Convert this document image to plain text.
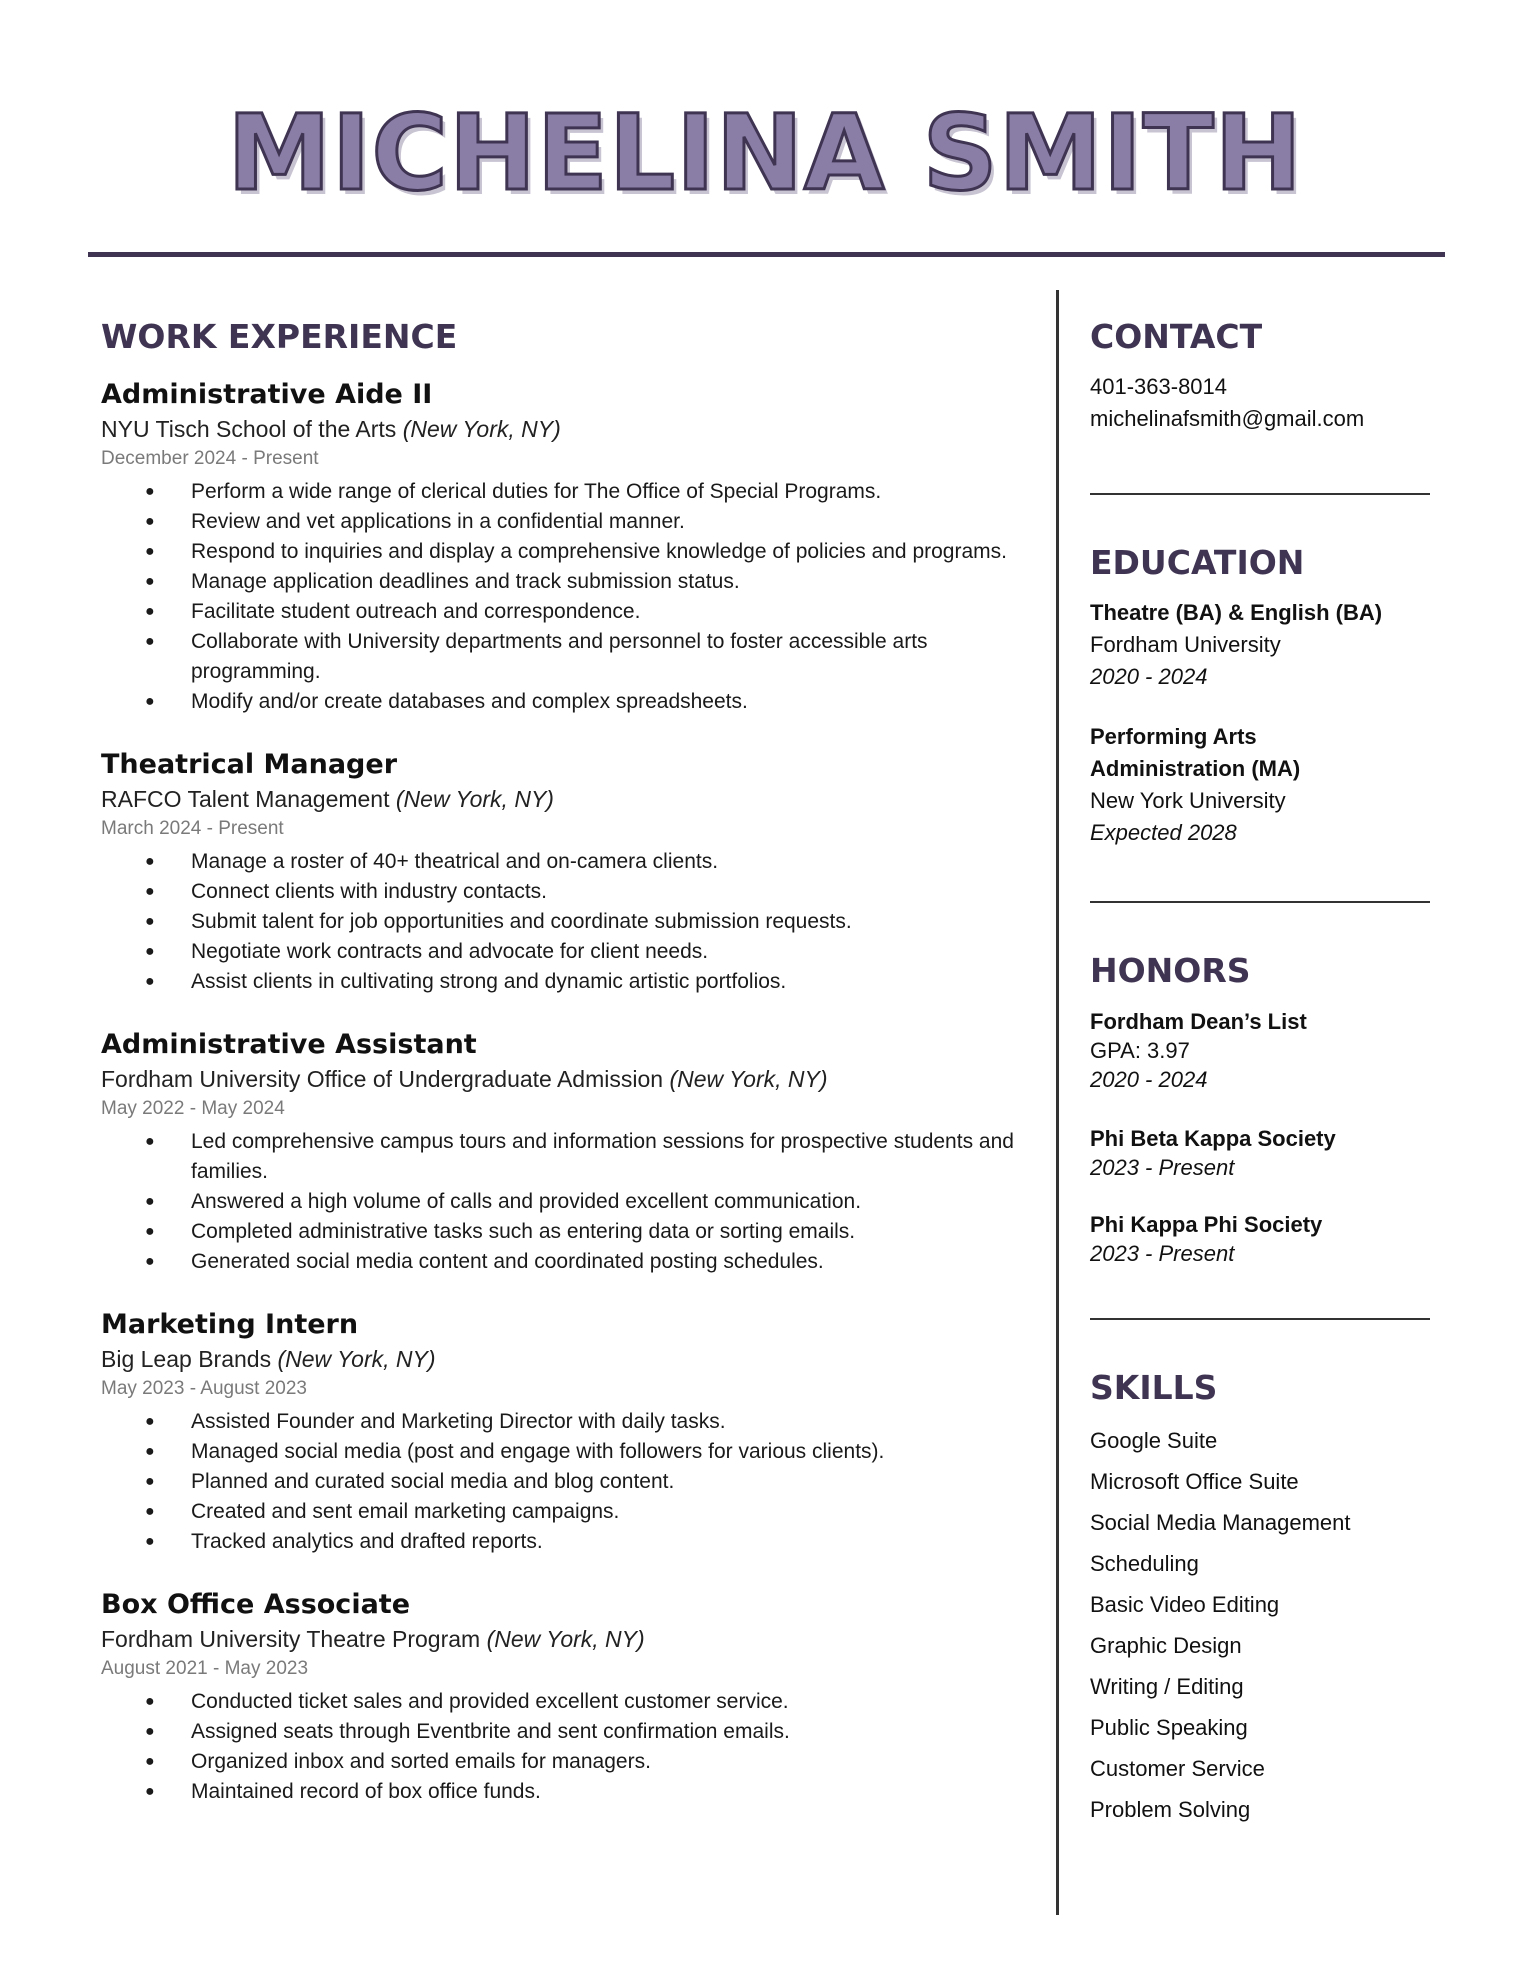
MICHELINA SMITH
WORK EXPERIENCE
Administrative Aide II
NYU Tisch School of the Arts (New York, NY)
December 2024 - Present
● Perform a wide range of clerical duties for The Office of Special Programs.
● Review and vet applications in a confidential manner.
● Respond to inquiries and display a comprehensive knowledge of policies and programs.
● Manage application deadlines and track submission status.
● Facilitate student outreach and correspondence.
● Collaborate with University departments and personnel to foster accessible arts programming.
● Modify and/or create databases and complex spreadsheets.
Theatrical Manager
RAFCO Talent Management (New York, NY)
March 2024 - Present
● Manage a roster of 40+ theatrical and on-camera clients.
● Connect clients with industry contacts.
● Submit talent for job opportunities and coordinate submission requests.
● Negotiate work contracts and advocate for client needs.
● Assist clients in cultivating strong and dynamic artistic portfolios.
Administrative Assistant
Fordham University Office of Undergraduate Admission (New York, NY)
May 2022 - May 2024
● Led comprehensive campus tours and information sessions for prospective students and families.
● Answered a high volume of calls and provided excellent communication.
● Completed administrative tasks such as entering data or sorting emails.
● Generated social media content and coordinated posting schedules.
Marketing Intern
Big Leap Brands (New York, NY)
May 2023 - August 2023
● Assisted Founder and Marketing Director with daily tasks.
● Managed social media (post and engage with followers for various clients).
● Planned and curated social media and blog content.
● Created and sent email marketing campaigns.
● Tracked analytics and drafted reports.
Box Office Associate
Fordham University Theatre Program (New York, NY)
August 2021 - May 2023
● Conducted ticket sales and provided excellent customer service.
● Assigned seats through Eventbrite and sent confirmation emails.
● Organized inbox and sorted emails for managers.
● Maintained record of box office funds.
CONTACT
401-363-8014
michelinafsmith@gmail.com
EDUCATION
Theatre (BA) & English (BA)
Fordham University
2020 - 2024
Performing Arts
Administration (MA)
New York University
Expected 2028
HONORS
Fordham Dean’s List
GPA: 3.97
2020 - 2024
Phi Beta Kappa Society
2023 - Present
Phi Kappa Phi Society
2023 - Present
SKILLS
Google Suite
Microsoft Office Suite
Social Media Management
Scheduling
Basic Video Editing
Graphic Design
Writing / Editing
Public Speaking
Customer Service
Problem Solving
